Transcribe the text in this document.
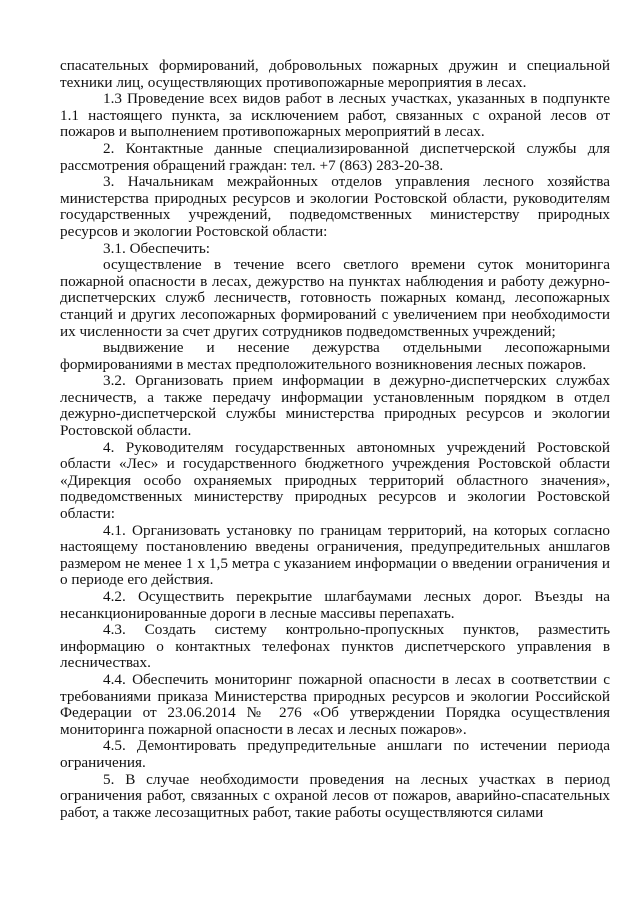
спасательных формирований, добровольных пожарных дружин и специальной техники лиц, осуществляющих противопожарные мероприятия в лесах.

1.3 Проведение всех видов работ в лесных участках, указанных в подпункте 1.1 настоящего пункта, за исключением работ, связанных с охраной лесов от пожаров и выполнением противопожарных мероприятий в лесах.

2. Контактные данные специализированной диспетчерской службы для рассмотрения обращений граждан: тел. +7 (863) 283-20-38.

3. Начальникам межрайонных отделов управления лесного хозяйства министерства природных ресурсов и экологии Ростовской области, руководителям государственных учреждений, подведомственных министерству природных ресурсов и экологии Ростовской области:

3.1. Обеспечить:

осуществление в течение всего светлого времени суток мониторинга пожарной опасности в лесах, дежурство на пунктах наблюдения и работу дежурно-диспетчерских служб лесничеств, готовность пожарных команд, лесопожарных станций и других лесопожарных формирований с увеличением при необходимости их численности за счет других сотрудников подведомственных учреждений;

выдвижение и несение дежурства отдельными лесопожарными формированиями в местах предположительного возникновения лесных пожаров.

3.2. Организовать прием информации в дежурно-диспетчерских службах лесничеств, а также передачу информации установленным порядком в отдел дежурно-диспетчерской службы министерства природных ресурсов и экологии Ростовской области.

4. Руководителям государственных автономных учреждений Ростовской области «Лес» и государственного бюджетного учреждения Ростовской области «Дирекция особо охраняемых природных территорий областного значения», подведомственных министерству природных ресурсов и экологии Ростовской области:

4.1. Организовать установку по границам территорий, на которых согласно настоящему постановлению введены ограничения, предупредительных аншлагов размером не менее 1 х 1,5 метра с указанием информации о введении ограничения и о периоде его действия.

4.2. Осуществить перекрытие шлагбаумами лесных дорог. Въезды на несанкционированные дороги в лесные массивы перепахать.

4.3. Создать систему контрольно-пропускных пунктов, разместить информацию о контактных телефонах пунктов диспетчерского управления в лесничествах.

4.4. Обеспечить мониторинг пожарной опасности в лесах в соответствии с требованиями приказа Министерства природных ресурсов и экологии Российской Федерации от 23.06.2014 № 276 «Об утверждении Порядка осуществления мониторинга пожарной опасности в лесах и лесных пожаров».

4.5. Демонтировать предупредительные аншлаги по истечении периода ограничения.

5. В случае необходимости проведения на лесных участках в период ограничения работ, связанных с охраной лесов от пожаров, аварийно-спасательных работ, а также лесозащитных работ, такие работы осуществляются силами
